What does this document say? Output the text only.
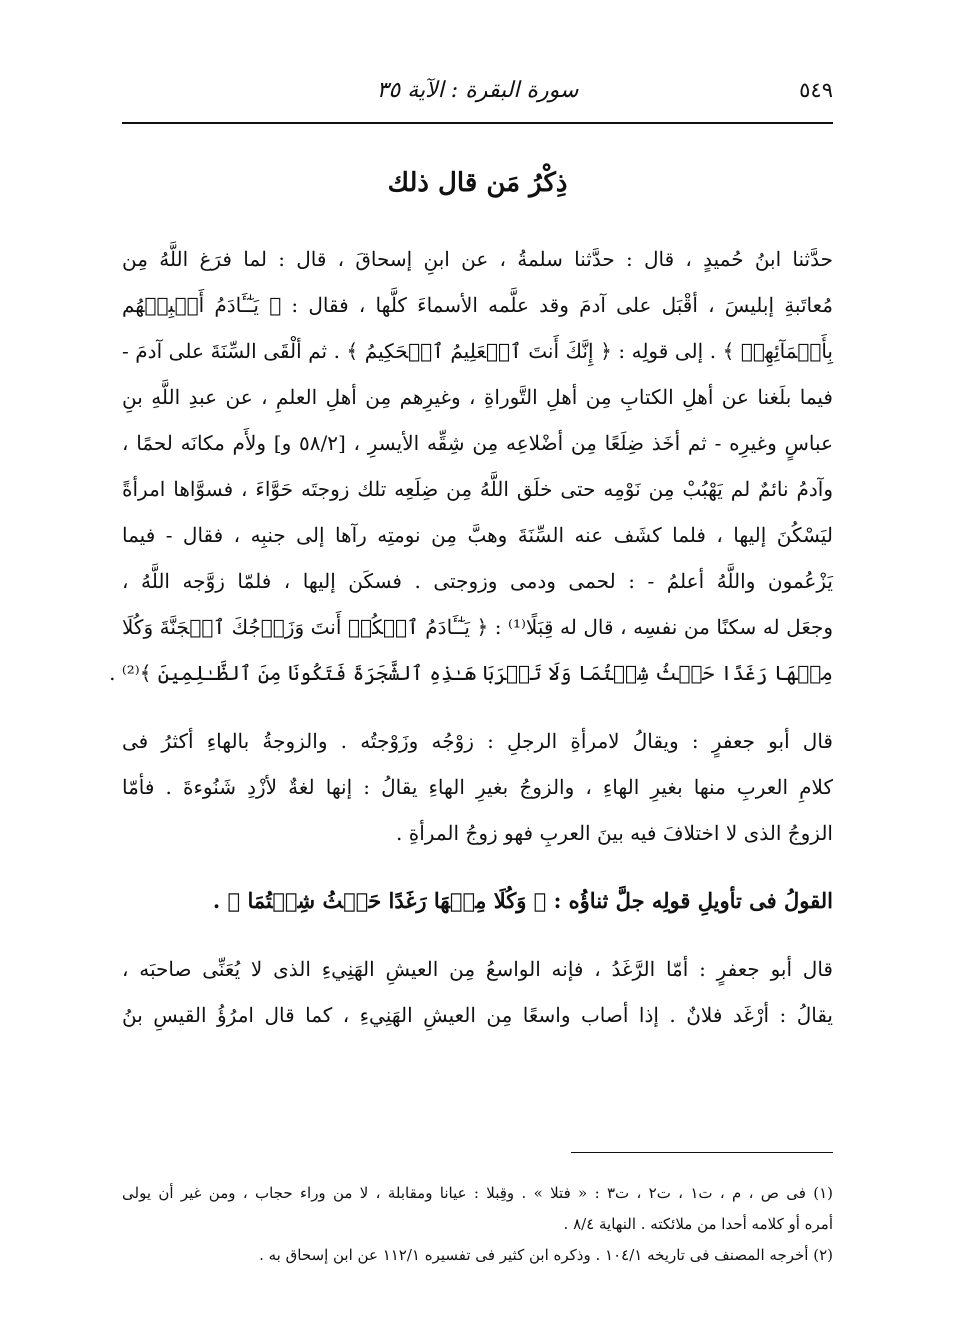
٥٤٩
سورة البقرة : الآية ٣٥
ذِكْرُ مَن قال ذلك
حدَّثنا ابنُ حُميدٍ ، قال : حدَّثنا سلمةُ ، عن ابنِ إسحاقَ ، قال : لما فرَغ اللَّهُ مِن
مُعاتَبةِ إبليسَ ، أقْبَل على آدمَ وقد علَّمه الأسماءَ كلَّها ، فقال : ﴿ يَـٰٓـَٔادَمُ أَنۢبِئۡهُم
بِأَسۡمَآئِهِمۡ ﴾ . إلى قولِه : ﴿ إِنَّكَ أَنتَ ٱلۡعَلِيمُ ٱلۡحَكِيمُ ﴾ . ثم ألْقَى السِّنَةَ على آدمَ -
فيما بلَغنا عن أهلِ الكتابِ مِن أهلِ التَّوراةِ ، وغيرِهم مِن أهلِ العلمِ ، عن عبدِ اللَّهِ بنِ
عباسٍ وغيرِه - ثم أخَذ ضِلَعًا مِن أضْلاعِه مِن شِقِّه الأيسرِ ، [٥٨/٢ و] ولأَم مكانَه لحمًا ،
وآدمُ نائمٌ لم يَهْبُبْ مِن نَوْمِه حتى خلَق اللَّهُ مِن ضِلَعِه تلك زوجتَه حَوَّاءَ ، فسوَّاها امرأةً
ليَسْكُنَ إليها ، فلما كشَف عنه السِّنَةَ وهبَّ مِن نومتِه رآها إلى جنبِه ، فقال - فيما
يَزْعُمون واللَّهُ أعلمُ - : لحمى ودمى وزوجتى . فسكَن إليها ، فلمّا زوَّجه اللَّهُ ،
وجعَل له سكنًا من نفسِه ، قال له قِبَلًا⁽¹⁾ : ﴿ يَـٰٓـَٔادَمُ ٱسۡكُنۡ أَنتَ وَزَوۡجُكَ ٱلۡجَنَّةَ وَكُلَا
مِنۡهَا رَغَدًا حَيۡثُ شِئۡتُمَا وَلَا تَقۡرَبَا هَـٰذِهِ ٱلشَّجَرَةَ فَتَكُونَا مِنَ ٱلظَّـٰلِمِينَ ﴾⁽²⁾ .
قال أبو جعفرٍ : ويقالُ لامرأةِ الرجلِ : زوْجُه وزَوْجتُه . والزوجةُ بالهاءِ أكثرُ فى
كلامِ العربِ منها بغيرِ الهاءِ ، والزوجُ بغيرِ الهاءِ يقالُ : إنها لغةٌ لأزْدِ شَنُوءةَ . فأمّا
الزوجُ الذى لا اختلافَ فيه بينَ العربِ فهو زوجُ المرأةِ .
القولُ فى تأويلِ قولِه جلَّ ثناؤُه : ﴿ وَكُلَا مِنۡهَا رَغَدًا حَيۡثُ شِئۡتُمَا ﴾ .
قال أبو جعفرٍ : أمّا الرَّغَدُ ، فإنه الواسعُ مِن العيشِ الهَنِيءِ الذى لا يُعَنِّى صاحبَه ،
يقالُ : أرْغَد فلانٌ . إذا أصاب واسعًا مِن العيشِ الهَنِيءِ ، كما قال امرُؤُ القيسِ بنُ
(١) فى ص ، م ، ت١ ، ت٢ ، ت٣ : « فتلا » . وقِبلا : عيانا ومقابلة ، لا من وراء حجاب ، ومن غير أن يولى
أمره أو كلامه أحدا من ملائكته . النهاية ٨/٤ .
(٢) أخرجه المصنف فى تاريخه ١٠٤/١ . وذكره ابن كثير فى تفسيره ١١٢/١ عن ابن إسحاق به .
